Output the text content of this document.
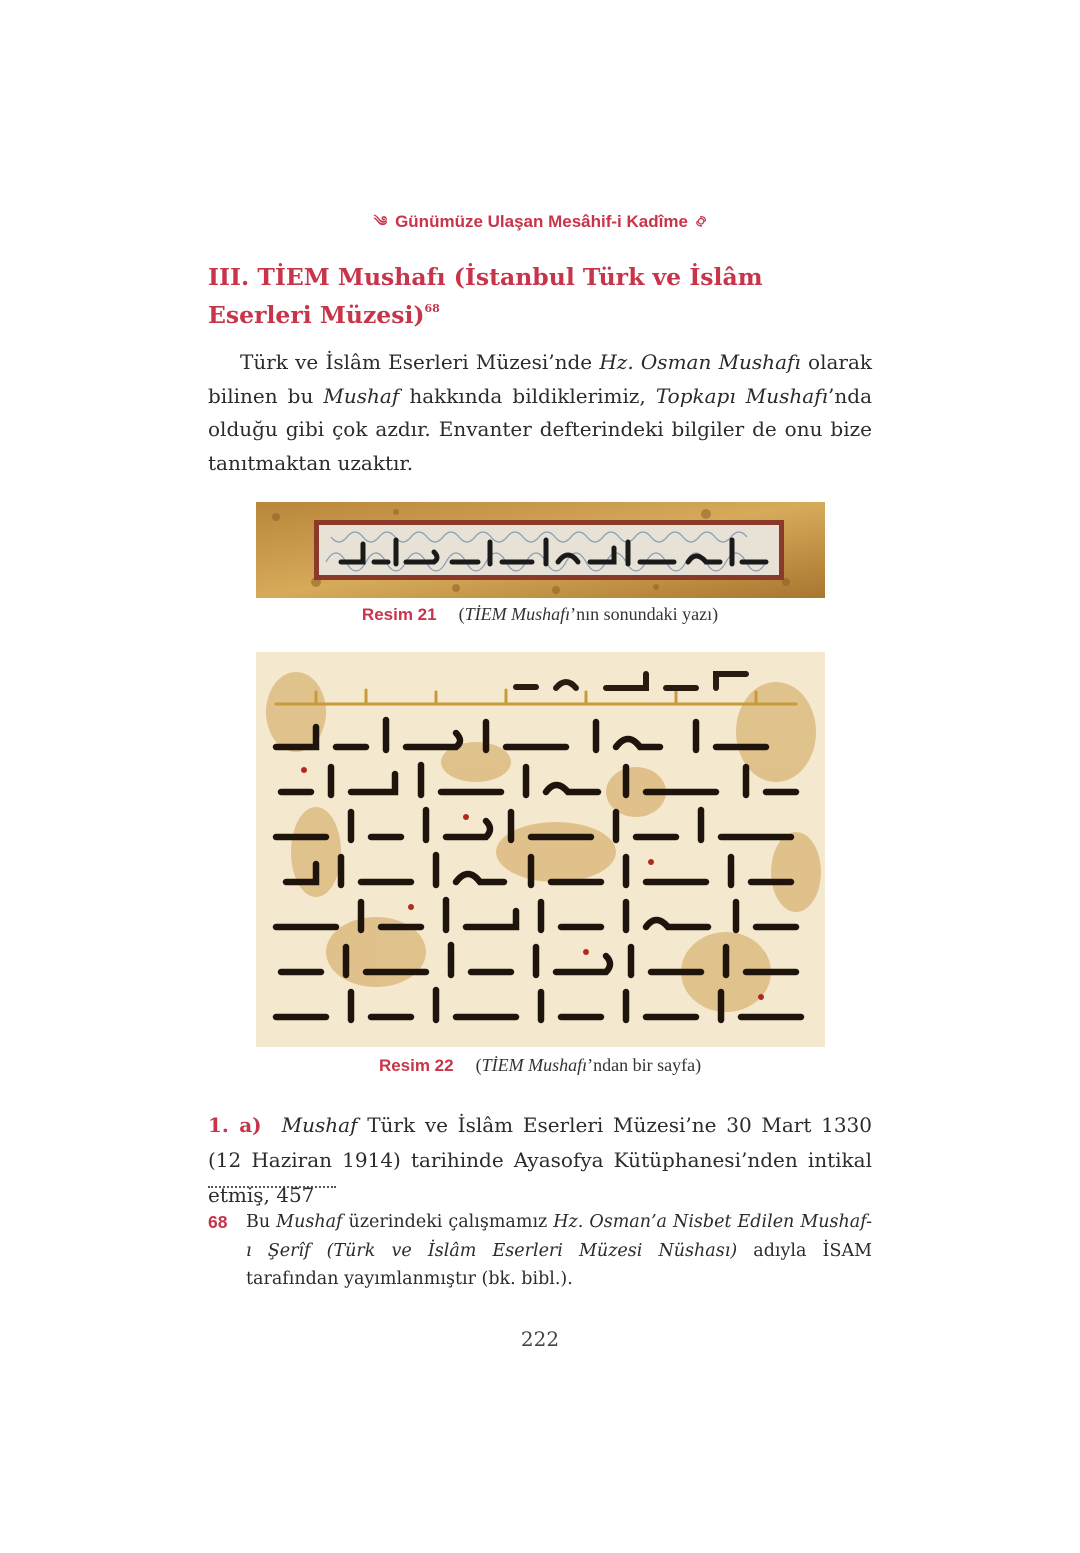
༄ Günümüze Ulaşan Mesâhif-i Kadîme ࿂
III. TİEM Mushafı (İstanbul Türk ve İslâm Eserleri Müzesi)$^{68}$
Türk ve İslâm Eserleri Müzesi’nde Hz. Osman Mushafı olarak bilinen bu Mushaf hakkında bildiklerimiz, Topkapı Mushafı’nda olduğu gibi çok azdır. Envanter defterindeki bilgiler de onu bize tanıtmaktan uzaktır.
Resim 21 (TİEM Mushafı’nın sonundaki yazı)
Resim 22 (TİEM Mushafı’ndan bir sayfa)
1. a) Mushaf Türk ve İslâm Eserleri Müzesi’ne 30 Mart 1330 (12 Haziran 1914) tarihinde Ayasofya Kütüphanesi’nden intikal etmiş, 457
68 Bu Mushaf üzerindeki çalışmamız Hz. Osman’a Nisbet Edilen Mushaf-ı Şerîf (Türk ve İslâm Eserleri Müzesi Nüshası) adıyla İSAM tarafından yayımlanmıştır (bk. bibl.).
222
